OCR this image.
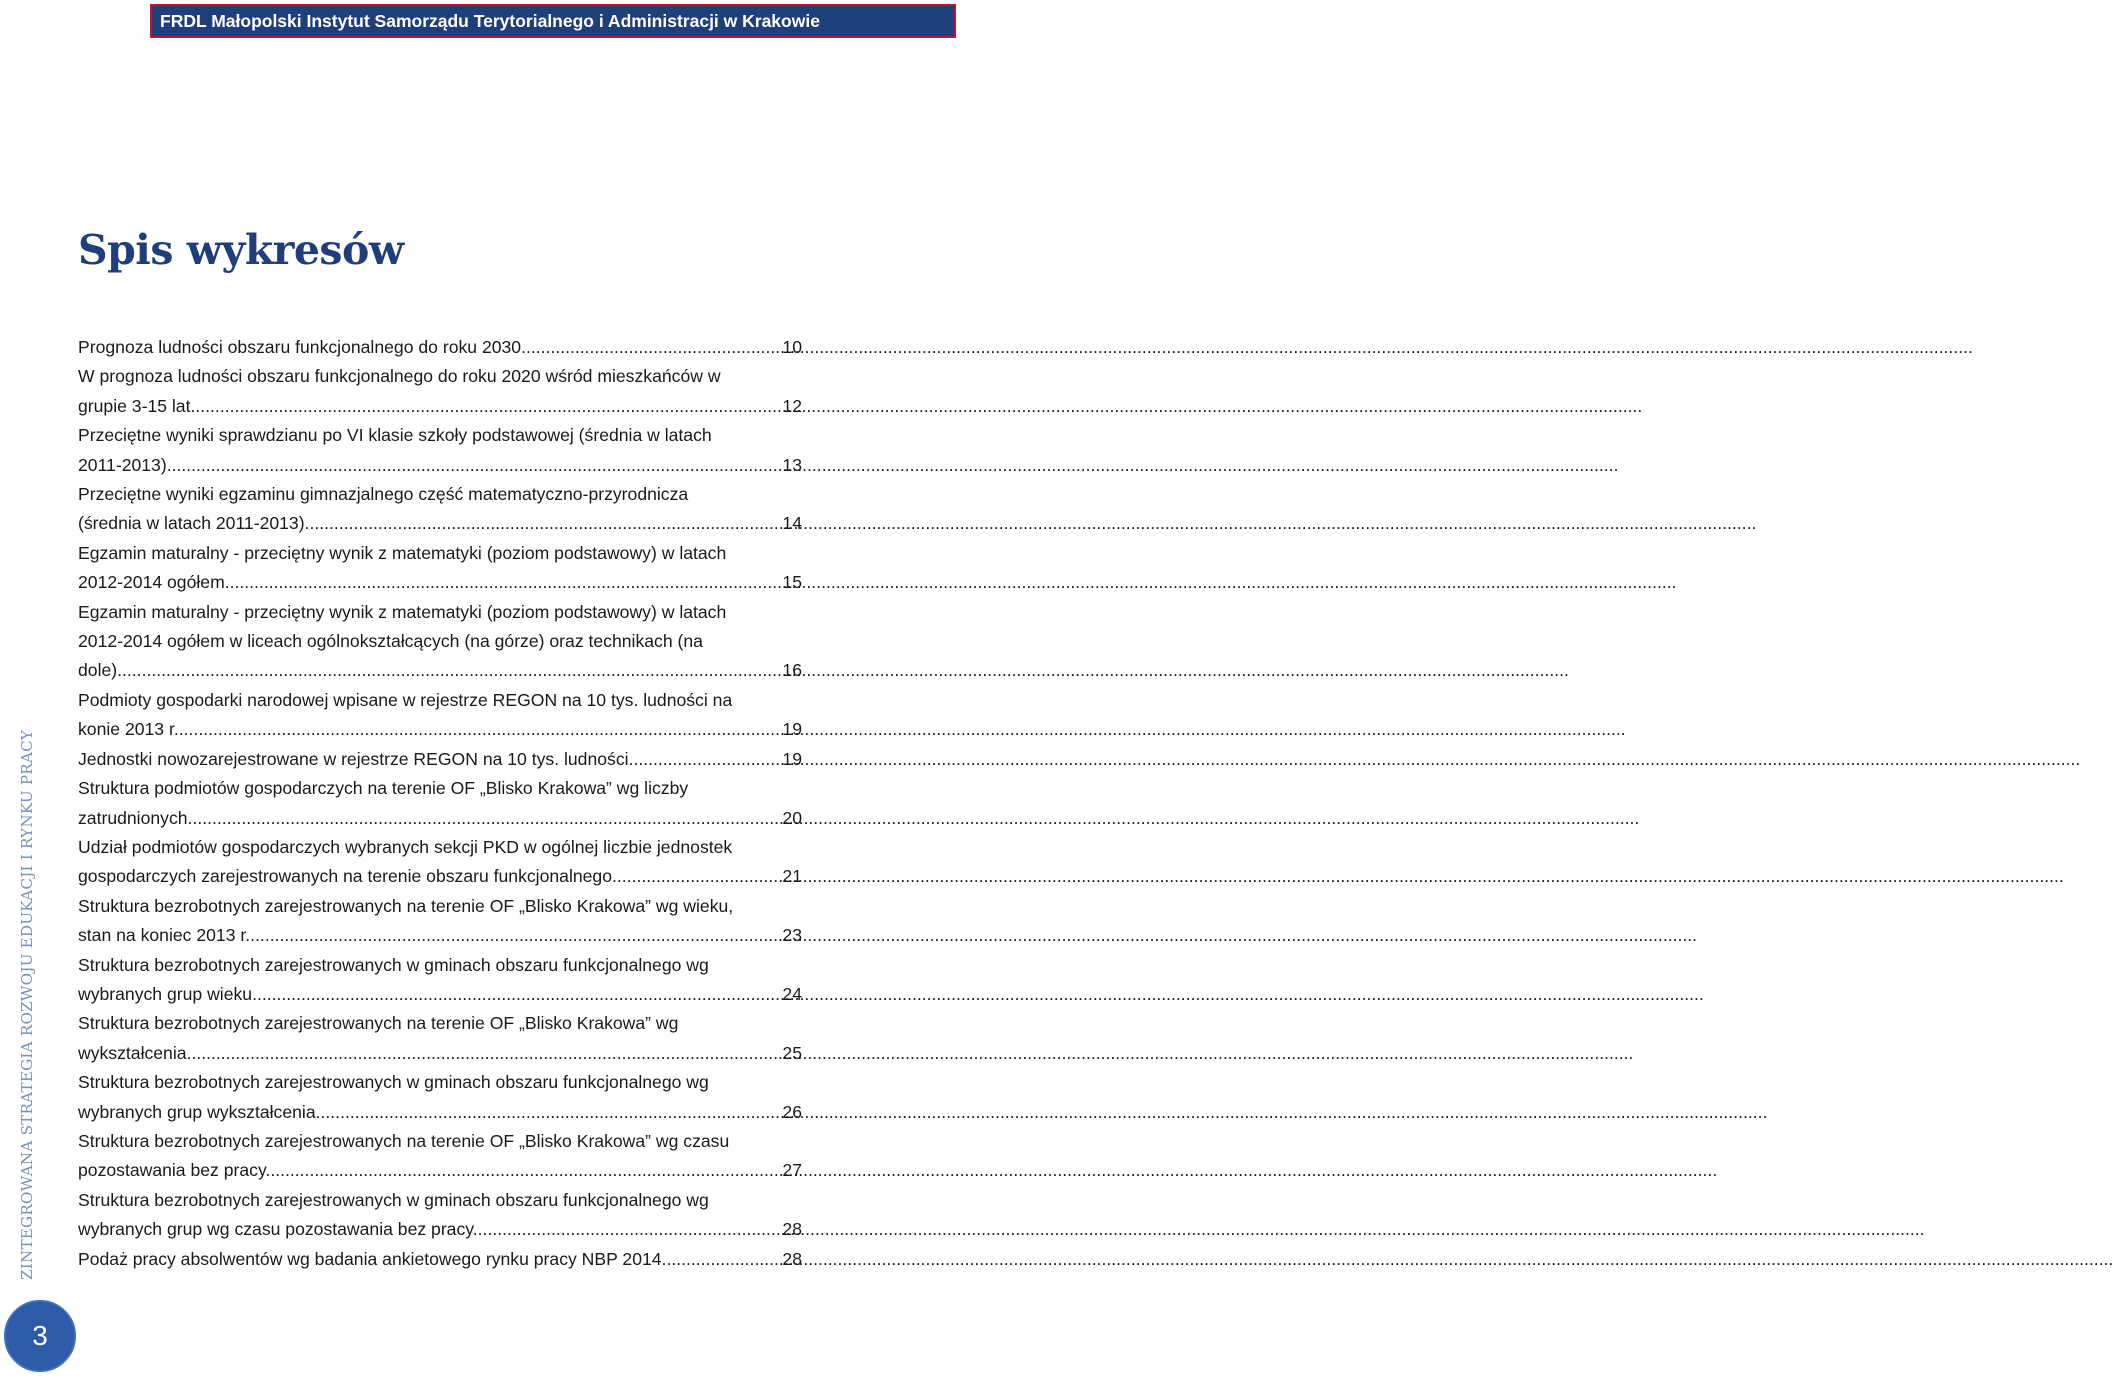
FRDL Małopolski Instytut Samorządu Terytorialnego i Administracji w Krakowie
Spis wykresów
Prognoza ludności obszaru funkcjonalnego do roku 2030. .....	10
W prognoza ludności obszaru funkcjonalnego do roku 2020 wśród mieszkańców w
grupie 3-15 lat. .....	12
Przeciętne wyniki sprawdzianu po VI klasie szkoły podstawowej (średnia w latach
2011-2013). .....	13
Przeciętne wyniki egzaminu gimnazjalnego część matematyczno-przyrodnicza
(średnia w latach 2011-2013). .....	14
Egzamin maturalny - przeciętny wynik z matematyki (poziom podstawowy) w latach
2012-2014 ogółem. .....	15
Egzamin maturalny - przeciętny wynik z matematyki (poziom podstawowy) w latach
2012-2014 ogółem w liceach ogólnokształcących (na górze) oraz technikach (na
dole). .....	16
Podmioty gospodarki narodowej wpisane w rejestrze REGON na 10 tys. ludności na
konie 2013 r. .....	19
Jednostki nowozarejestrowane w rejestrze REGON na 10 tys. ludności. .....	19
Struktura podmiotów gospodarczych na terenie OF „Blisko Krakowa” wg liczby
zatrudnionych. .....	20
Udział podmiotów gospodarczych wybranych sekcji PKD w ogólnej liczbie jednostek
gospodarczych zarejestrowanych na terenie obszaru funkcjonalnego. .....	21
Struktura bezrobotnych zarejestrowanych na terenie OF „Blisko Krakowa” wg wieku,
stan na koniec 2013 r. .....	23
Struktura bezrobotnych zarejestrowanych w gminach obszaru funkcjonalnego wg
wybranych grup wieku. .....	24
Struktura bezrobotnych zarejestrowanych na terenie OF „Blisko Krakowa” wg
wykształcenia .....	25
Struktura bezrobotnych zarejestrowanych w gminach obszaru funkcjonalnego wg
wybranych grup wykształcenia. .....	26
Struktura bezrobotnych zarejestrowanych na terenie OF „Blisko Krakowa” wg czasu
pozostawania bez pracy. .....	27
Struktura bezrobotnych zarejestrowanych w gminach obszaru funkcjonalnego wg
wybranych grup wg czasu pozostawania bez pracy. .....	28
Podaż pracy absolwentów wg badania ankietowego rynku pracy NBP 2014. .....	28
ZINTEGROWANA STRATEGIA ROZWOJU EDUKACJI I RYNKU PRACY
3
